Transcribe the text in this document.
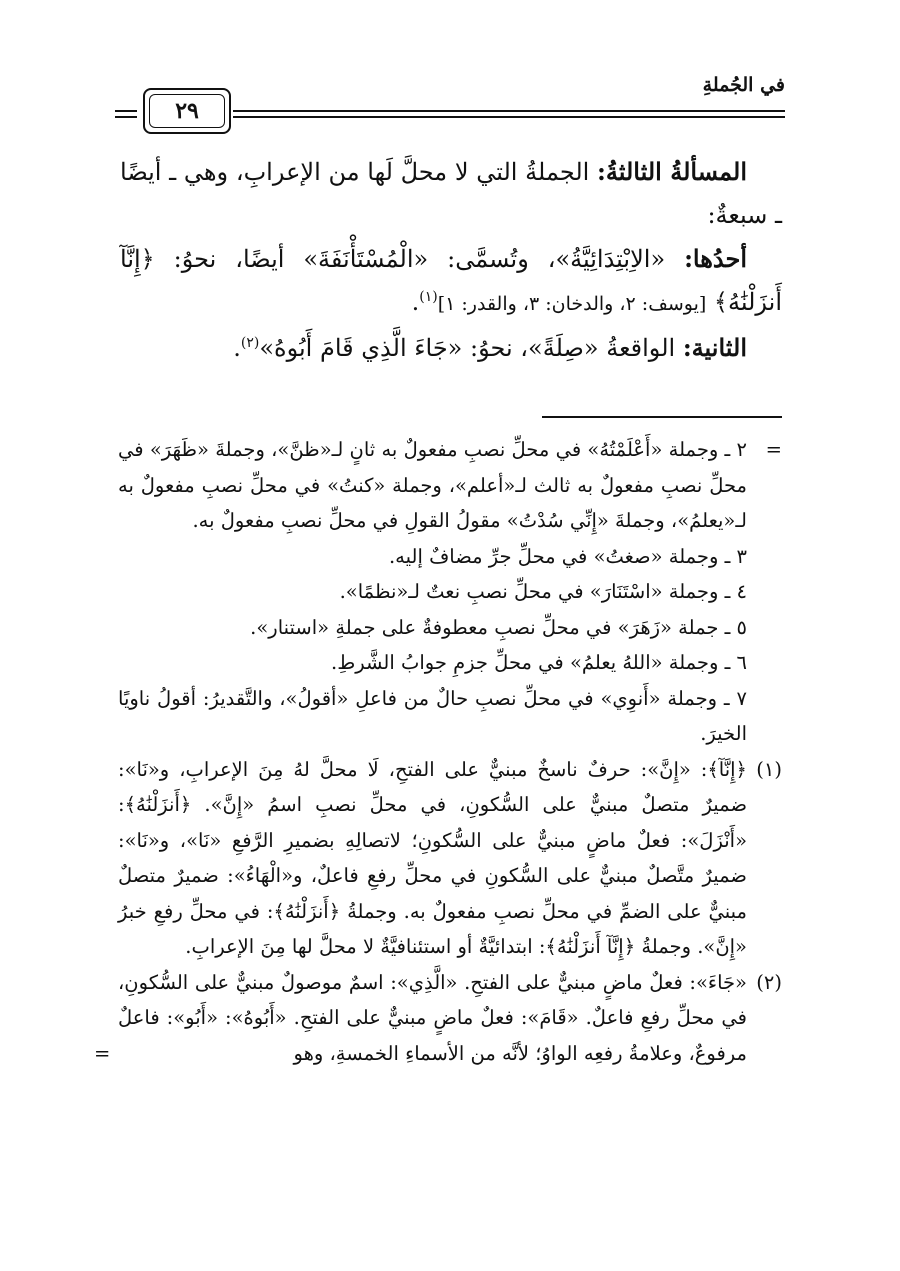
في الجُملةِ
٢٩

المسألةُ الثالثةُ: الجملةُ التي لا محلَّ لَها من الإعرابِ، وهي ـ أيضًا ـ سبعةٌ:

أحدُها: «الاِبْتِدَائِيَّةُ»، وتُسمَّى: «الْمُسْتَأْنَفَةَ» أيضًا، نحوُ: ﴿إِنَّآ أَنزَلْنَٰهُ﴾ [يوسف: ٢، والدخان: ٣، والقدر: ١]$^{(١)}$.

الثانية: الواقعةُ «صِلَةً»، نحوُ: «جَاءَ الَّذِي قَامَ أَبُوهُ»$^{(٢)}$.

=
٢ ـ وجملة «أَعْلَمْتُهُ» في محلِّ نصبِ مفعولٌ به ثانٍ لـ«ظنَّ»، وجملةَ «ظَهَرَ» في محلِّ نصبِ مفعولٌ به ثالث لـ«أعلم»، وجملة «كنتُ» في محلِّ نصبِ مفعولٌ به لـ«يعلمُ»، وجملةَ «إِنِّي سُدْتُ» مقولُ القولِ في محلِّ نصبِ مفعولٌ به.

٣ ـ وجملة «صغتُ» في محلِّ جرِّ مضافٌ إليه.

٤ ـ وجملة «اسْتَنَارَ» في محلِّ نصبِ نعتٌ لـ«نظمًا».

٥ ـ جملة «زَهَرَ» في محلِّ نصبِ معطوفةٌ على جملةِ «استنار».

٦ ـ وجملة «اللهُ يعلمُ» في محلِّ جزمِ جوابُ الشَّرطِ.

٧ ـ وجملة «أَنوِي» في محلِّ نصبِ حالٌ من فاعلِ «أقولُ»، والتَّقديرُ: أقولُ ناويًا الخيرَ.

(١)
﴿إِنَّآ﴾: «إِنَّ»: حرفٌ ناسخٌ مبنيٌّ على الفتحِ، لَا محلَّ لهُ مِنَ الإعرابِ، و«نَا»: ضميرٌ متصلٌ مبنيٌّ على السُّكونِ، في محلِّ نصبِ اسمُ «إِنَّ». ﴿أَنزَلْنَٰهُ﴾: «أَنْزَلَ»: فعلٌ ماضٍ مبنيٌّ على السُّكونِ؛ لاتصالِهِ بضميرِ الرَّفعِ «نَا»، و«نَا»: ضميرٌ متَّصلٌ مبنيٌّ على السُّكونِ في محلِّ رفعِ فاعلٌ، و«الْهَاءُ»: ضميرٌ متصلٌ مبنيٌّ على الضمِّ في محلِّ نصبِ مفعولٌ به. وجملةُ ﴿أَنزَلْنَٰهُ﴾: في محلِّ رفعِ خبرُ «إِنَّ». وجملةُ ﴿إِنَّآ أَنزَلْنَٰهُ﴾: ابتدائيَّةٌ أو استئنافيَّةٌ لا محلَّ لها مِنَ الإعرابِ.

(٢)
«جَاءَ»: فعلٌ ماضٍ مبنيٌّ على الفتحِ. «الَّذِي»: اسمٌ موصولٌ مبنيٌّ على السُّكونِ، في محلِّ رفعِ فاعلٌ. «قَامَ»: فعلٌ ماضٍ مبنيٌّ على الفتحِ. «أَبُوهُ»: «أَبُو»: فاعلٌ مرفوعٌ، وعلامةُ رفعِه الواوُ؛ لأنَّه من الأسماءِ الخمسةِ، وهو
=
